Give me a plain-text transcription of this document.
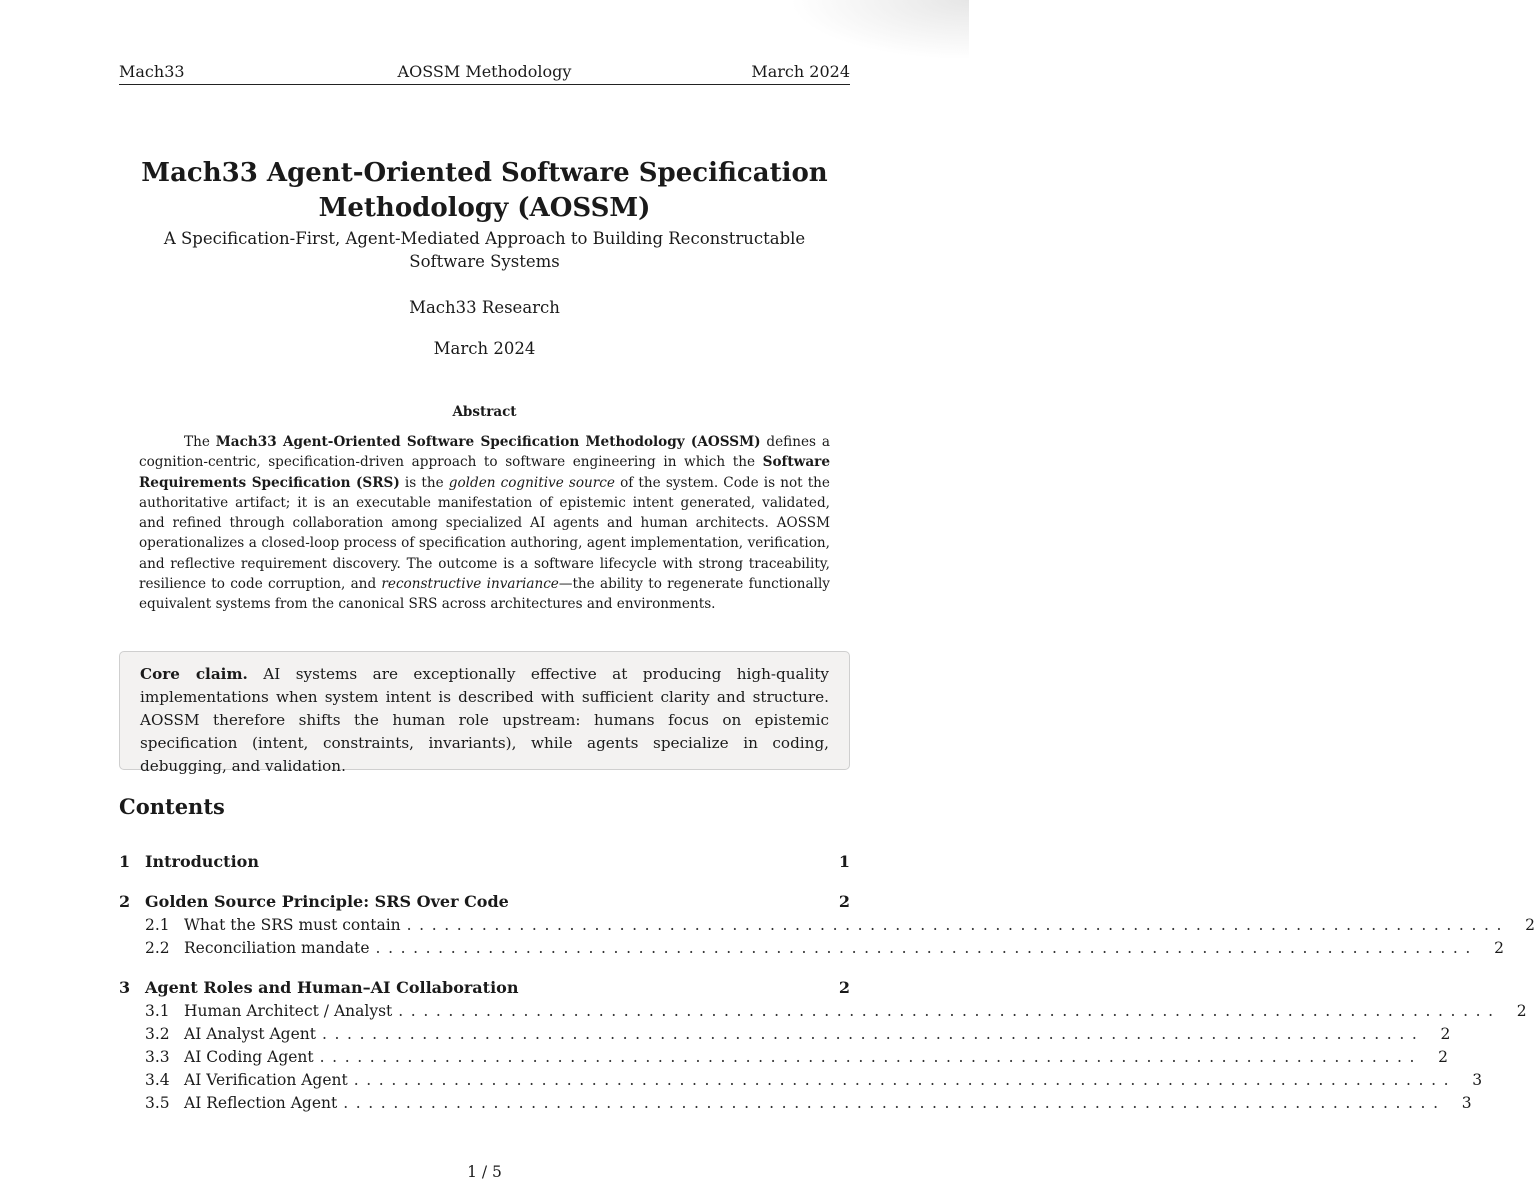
AOSSM Methodology
Mach33	March 2024
Mach33 Agent-Oriented Software Specification
Methodology (AOSSM)
A Specification-First, Agent-Mediated Approach to Building Reconstructable Software Systems
Mach33 Research
March 2024
Abstract
The Mach33 Agent-Oriented Software Specification Methodology (AOSSM) defines a cognition-centric, specification-driven approach to software engineering in which the Software Requirements Specification (SRS) is the golden cognitive source of the system. Code is not the authoritative artifact; it is an executable manifestation of epistemic intent generated, validated, and refined through collaboration among specialized AI agents and human architects. AOSSM operationalizes a closed-loop process of specification authoring, agent implementation, verification, and reflective requirement discovery. The outcome is a software lifecycle with strong traceability, resilience to code corruption, and reconstructive invariance—the ability to regenerate functionally equivalent systems from the canonical SRS across architectures and environments.
Core claim. AI systems are exceptionally effective at producing high-quality implementations when system intent is described with sufficient clarity and structure. AOSSM therefore shifts the human role upstream: humans focus on epistemic specification (intent, constraints, invariants), while agents specialize in coding, debugging, and validation.
Contents
1 Introduction	1
2 Golden Source Principle: SRS Over Code	2
2.1 What the SRS must contain ........................................................................................	2
2.2 Reconciliation mandate ........................................................................................	2
3 Agent Roles and Human–AI Collaboration	2
3.1 Human Architect / Analyst ........................................................................................	2
3.2 AI Analyst Agent ........................................................................................	2
3.3 AI Coding Agent ........................................................................................	2
3.4 AI Verification Agent ........................................................................................	3
3.5 AI Reflection Agent ........................................................................................	3
1 / 5
